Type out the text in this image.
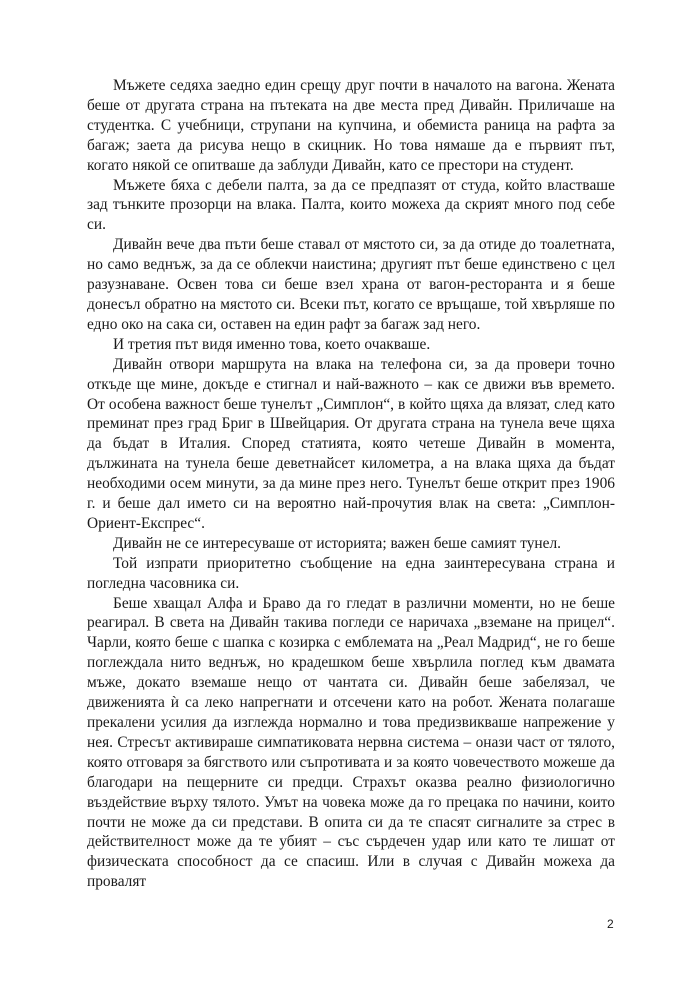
Мъжете седяха заедно един срещу друг почти в началото на вагона. Жената беше от другата страна на пътеката на две места пред Дивайн. Приличаше на студентка. С учебници, струпани на купчина, и обемиста раница на рафта за багаж; заета да рисува нещо в скицник. Но това нямаше да е първият път, когато някой се опитваше да заблуди Дивайн, като се престори на студент.

Мъжете бяха с дебели палта, за да се предпазят от студа, който властваше зад тънките прозорци на влака. Палта, които можеха да скрият много под себе си.

Дивайн вече два пъти беше ставал от мястото си, за да отиде до тоалетната, но само веднъж, за да се облекчи наистина; другият път беше единствено с цел разузнаване. Освен това си беше взел храна от вагон-ресторанта и я беше донесъл обратно на мястото си. Всеки път, когато се връщаше, той хвърляше по едно око на сака си, оставен на един рафт за багаж зад него.

И третия път видя именно това, което очакваше.

Дивайн отвори маршрута на влака на телефона си, за да провери точно откъде ще мине, докъде е стигнал и най-важното – как се движи във времето. От особена важност беше тунелът „Симплон“, в който щяха да влязат, след като преминат през град Бриг в Швейцария. От другата страна на тунела вече щяха да бъдат в Италия. Според статията, която четеше Дивайн в момента, дължината на тунела беше деветнайсет километра, а на влака щяха да бъдат необходими осем минути, за да мине през него. Тунелът беше открит през 1906 г. и беше дал името си на вероятно най-прочутия влак на света: „Симплон-Ориент-Експрес“.

Дивайн не се интересуваше от историята; важен беше самият тунел.

Той изпрати приоритетно съобщение на една заинтересувана страна и погледна часовника си.

Беше хващал Алфа и Браво да го гледат в различни моменти, но не беше реагирал. В света на Дивайн такива погледи се наричаха „вземане на прицел“. Чарли, която беше с шапка с козирка с емблемата на „Реал Мадрид“, не го беше поглеждала нито веднъж, но крадешком беше хвърлила поглед към двамата мъже, докато вземаше нещо от чантата си. Дивайн беше забелязал, че движенията ѝ са леко напрегнати и отсечени като на робот. Жената полагаше прекалени усилия да изглежда нормално и това предизвикваше напрежение у нея. Стресът активираше симпатиковата нервна система – онази част от тялото, която отговаря за бягството или съпротивата и за която човечеството можеше да благодари на пещерните си предци. Страхът оказва реално физиологично въздействие върху тялото. Умът на човека може да го прецака по начини, които почти не може да си представи. В опита си да те спасят сигналите за стрес в действителност може да те убият – със сърдечен удар или като те лишат от физическата способност да се спасиш. Или в случая с Дивайн можеха да провалят

2
